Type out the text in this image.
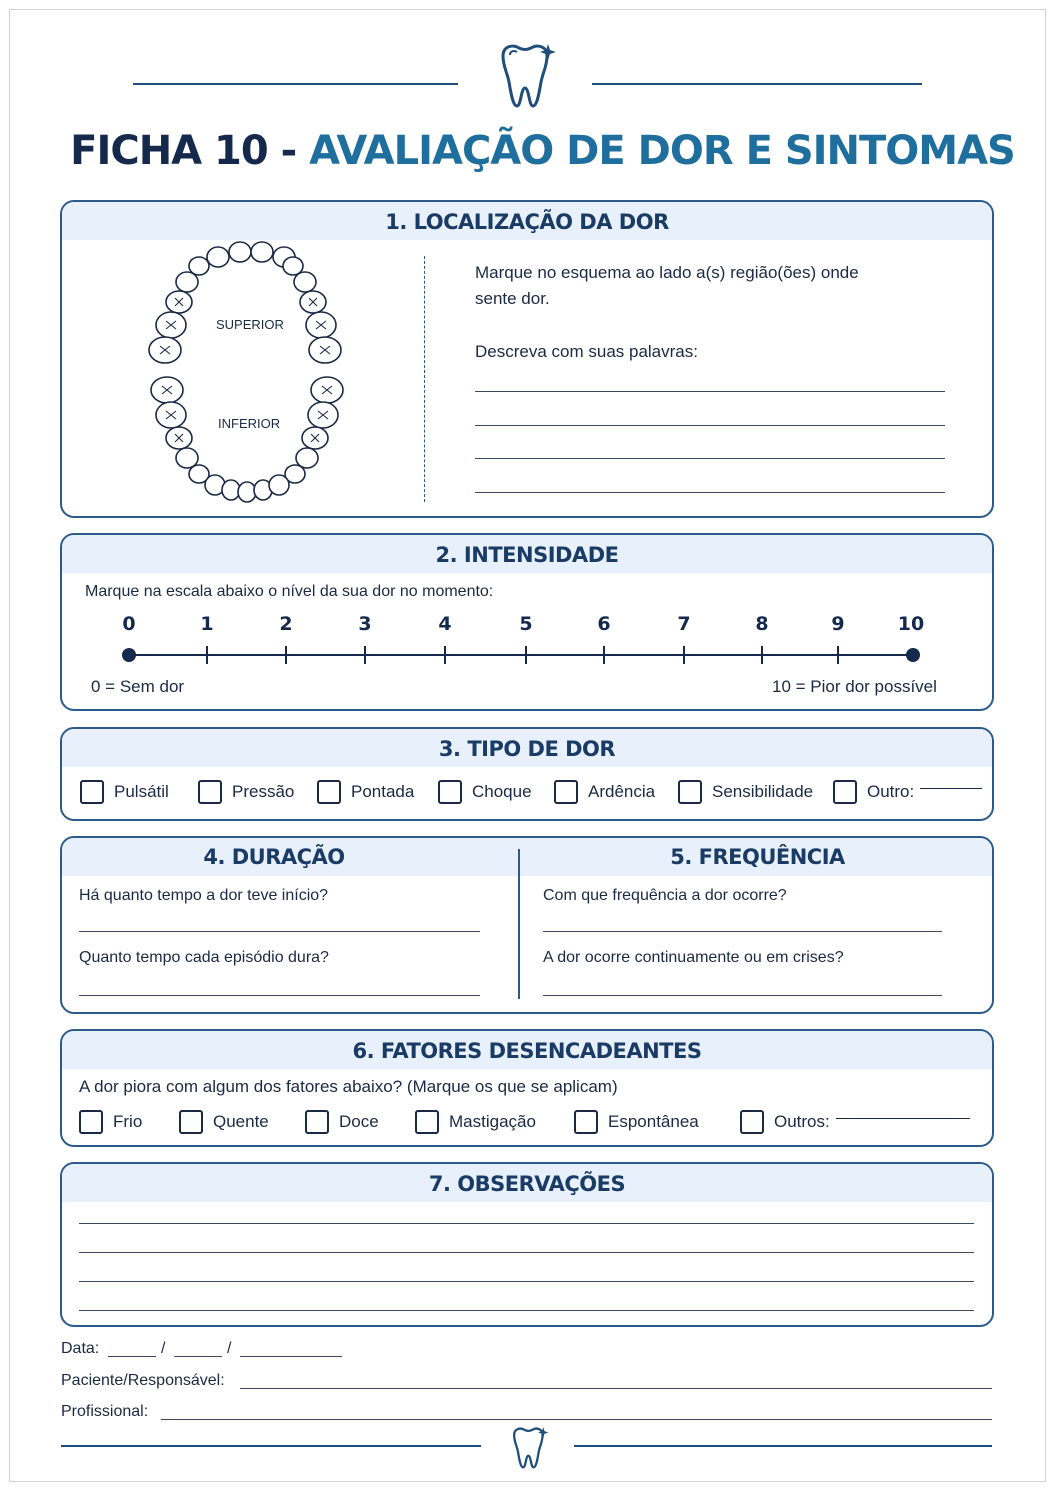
FICHA 10 - AVALIAÇÃO DE DOR E SINTOMAS
1. LOCALIZAÇÃO DA DOR
SUPERIOR
INFERIOR
Marque no esquema ao lado a(s) região(ões) onde
sente dor.
Descreva com suas palavras:
2. INTENSIDADE
Marque na escala abaixo o nível da sua dor no momento:
0	1	2	3	4	5	6	7	8	9	10
0 = Sem dor	10 = Pior dor possível
3. TIPO DE DOR
Pulsátil	Pressão	Pontada	Choque	Ardência	Sensibilidade	Outro:
4. DURAÇÃO	5. FREQUÊNCIA
Há quanto tempo a dor teve início?
Quanto tempo cada episódio dura?
Com que frequência a dor ocorre?
A dor ocorre continuamente ou em crises?
6. FATORES DESENCADEANTES
A dor piora com algum dos fatores abaixo? (Marque os que se aplicam)
Frio	Quente	Doce	Mastigação	Espontânea	Outros:
7. OBSERVAÇÕES
Data:	/	/
Paciente/Responsável:
Profissional:
